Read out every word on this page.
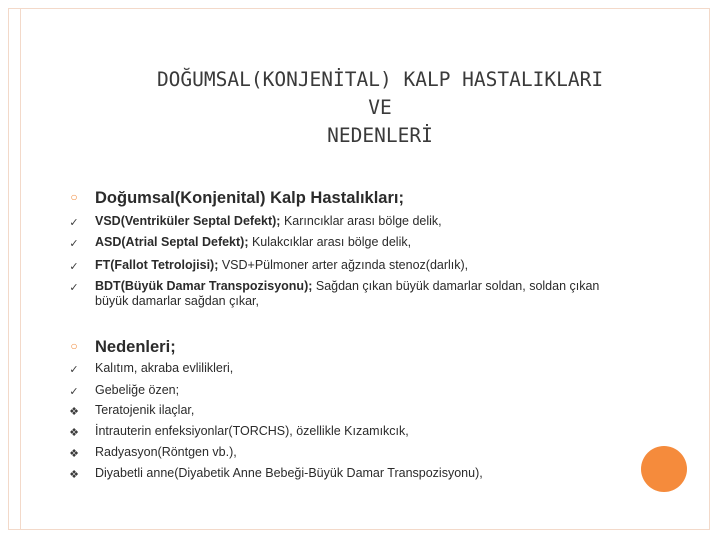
DOĞUMSAL(KONJENİTAL) KALP HASTALIKLARI
VE
NEDENLERİ
○	Doğumsal(Konjenital) Kalp Hastalıkları;
✓	VSD(Ventriküler Septal Defekt); Karıncıklar arası bölge delik,
✓	ASD(Atrial Septal Defekt); Kulakcıklar arası bölge delik,
✓	FT(Fallot Tetrolojisi); VSD+Pülmoner arter ağzında stenoz(darlık),
✓	BDT(Büyük Damar Transpozisyonu); Sağdan çıkan büyük damarlar soldan, soldan çıkan
büyük damarlar sağdan çıkar,
○	Nedenleri;
✓	Kalıtım, akraba evlilikleri,
✓	Gebeliğe özen;
❖	Teratojenik ilaçlar,
❖	İntrauterin enfeksiyonlar(TORCHS), özellikle Kızamıkcık,
❖	Radyasyon(Röntgen vb.),
❖	Diyabetli anne(Diyabetik Anne Bebeği-Büyük Damar Transpozisyonu),
